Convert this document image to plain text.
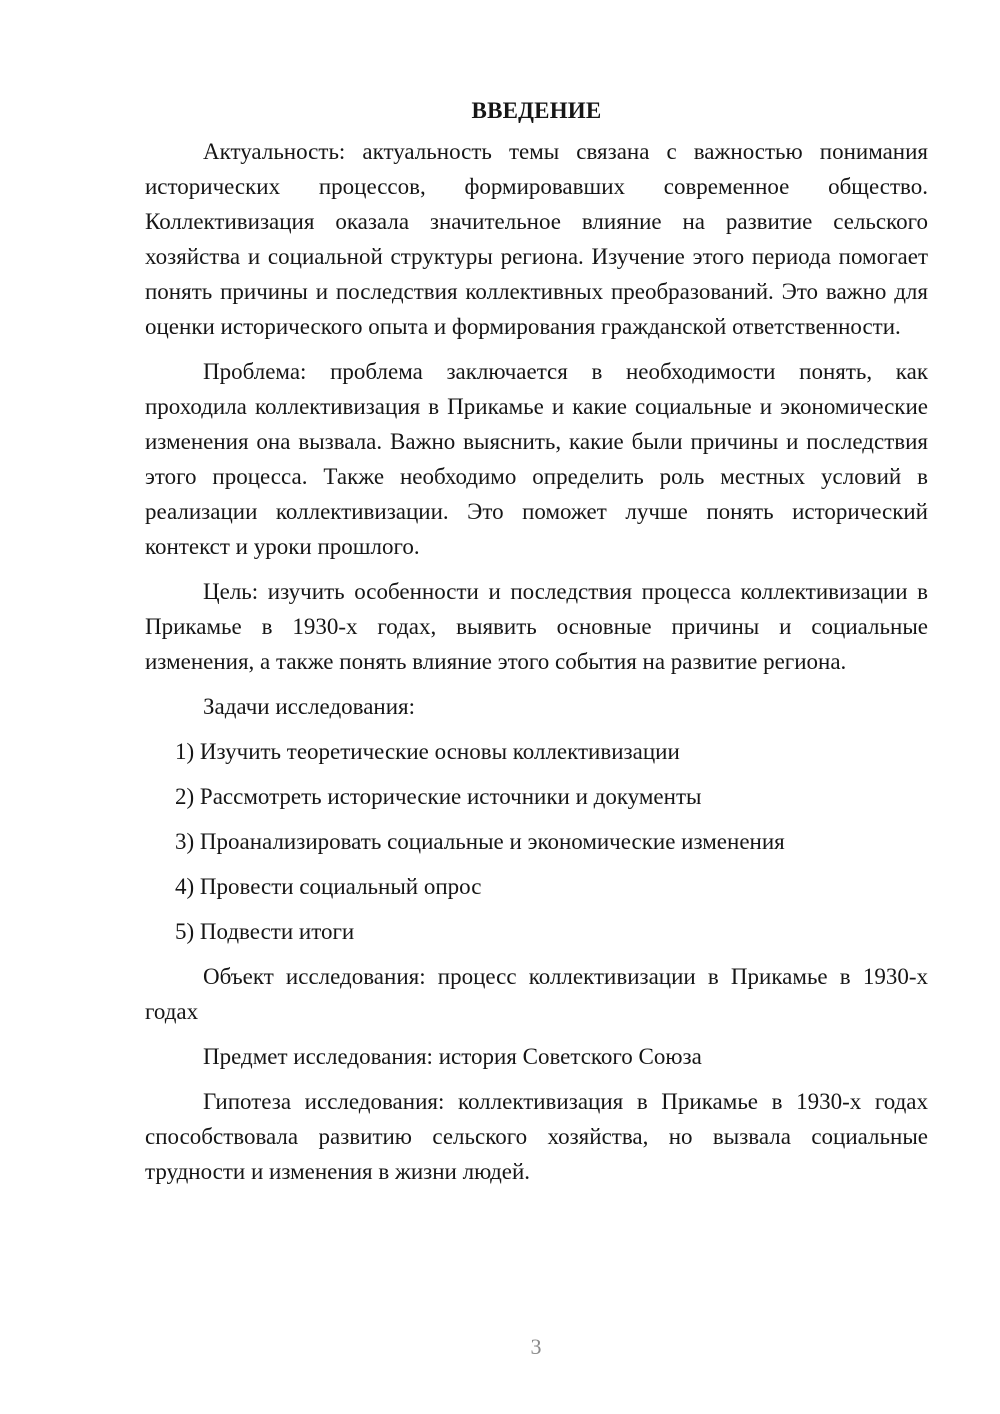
ВВЕДЕНИЕ

Актуальность: актуальность темы связана с важностью понимания исторических процессов, формировавших современное общество. Коллективизация оказала значительное влияние на развитие сельского хозяйства и социальной структуры региона. Изучение этого периода помогает понять причины и последствия коллективных преобразований. Это важно для оценки исторического опыта и формирования гражданской ответственности.

Проблема: проблема заключается в необходимости понять, как проходила коллективизация в Прикамье и какие социальные и экономические изменения она вызвала. Важно выяснить, какие были причины и последствия этого процесса. Также необходимо определить роль местных условий в реализации коллективизации. Это поможет лучше понять исторический контекст и уроки прошлого.

Цель: изучить особенности и последствия процесса коллективизации в Прикамье в 1930-х годах, выявить основные причины и социальные изменения, а также понять влияние этого события на развитие региона.

Задачи исследования:

1) Изучить теоретические основы коллективизации
2) Рассмотреть исторические источники и документы
3) Проанализировать социальные и экономические изменения
4) Провести социальный опрос
5) Подвести итоги

Объект исследования: процесс коллективизации в Прикамье в 1930-х годах

Предмет исследования: история Советского Союза

Гипотеза исследования: коллективизация в Прикамье в 1930-х годах способствовала развитию сельского хозяйства, но вызвала социальные трудности и изменения в жизни людей.

3
